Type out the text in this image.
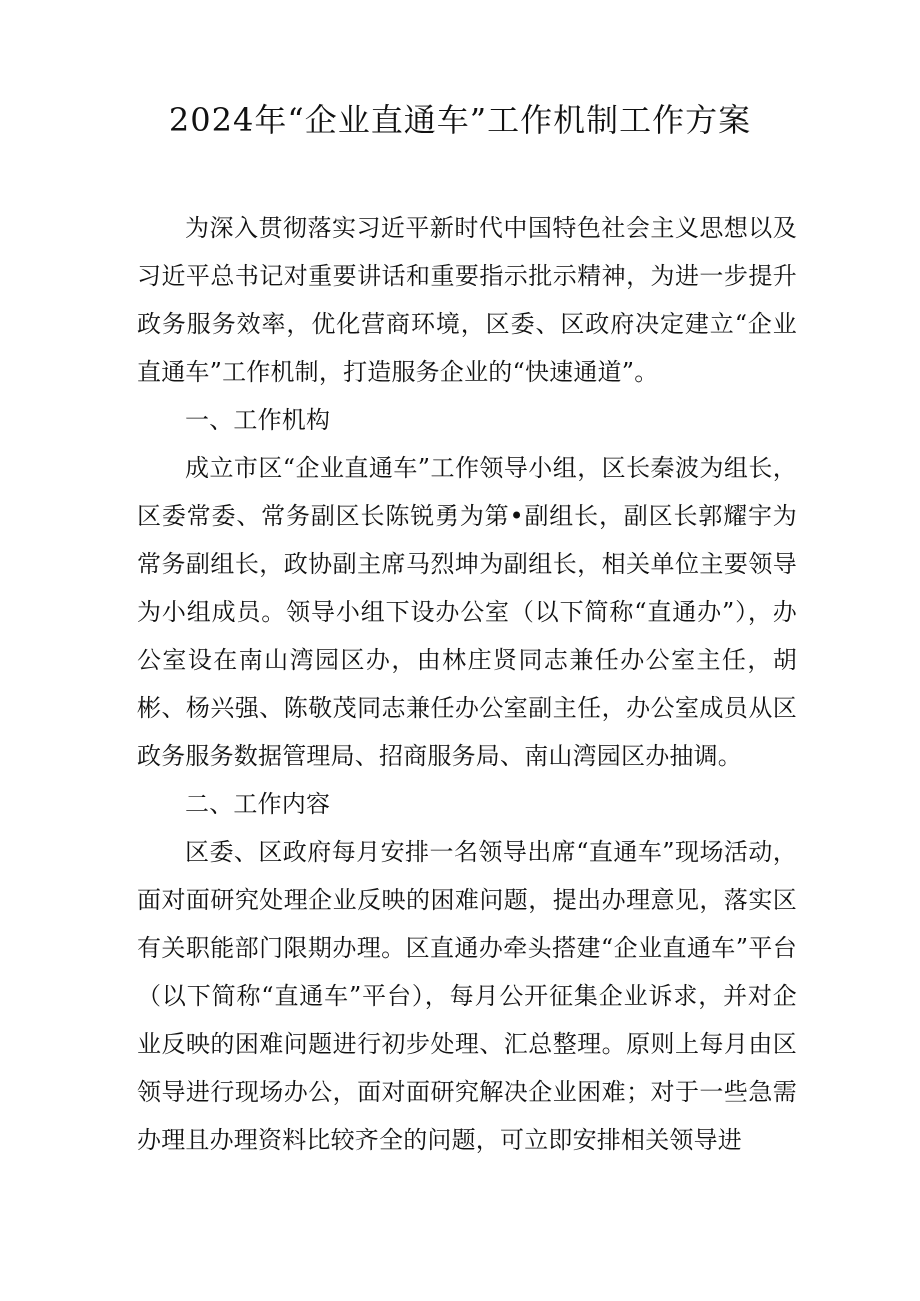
2024年“企业直通车”工作机制工作方案

为深入贯彻落实习近平新时代中国特色社会主义思想以及习近平总书记对重要讲话和重要指示批示精神，为进一步提升政务服务效率，优化营商环境，区委、区政府决定建立“企业直通车”工作机制，打造服务企业的“快速通道”。

一、工作机构

成立市区“企业直通车”工作领导小组，区长秦波为组长，区委常委、常务副区长陈锐勇为第•副组长，副区长郭耀宇为常务副组长，政协副主席马烈坤为副组长，相关单位主要领导为小组成员。领导小组下设办公室（以下简称“直通办”），办公室设在南山湾园区办，由林庄贤同志兼任办公室主任，胡彬、杨兴强、陈敬茂同志兼任办公室副主任，办公室成员从区政务服务数据管理局、招商服务局、南山湾园区办抽调。

二、工作内容

区委、区政府每月安排一名领导出席“直通车”现场活动，面对面研究处理企业反映的困难问题，提出办理意见，落实区有关职能部门限期办理。区直通办牵头搭建“企业直通车”平台（以下简称“直通车”平台），每月公开征集企业诉求，并对企业反映的困难问题进行初步处理、汇总整理。原则上每月由区领导进行现场办公，面对面研究解决企业困难；对于一些急需办理且办理资料比较齐全的问题，可立即安排相关领导进
